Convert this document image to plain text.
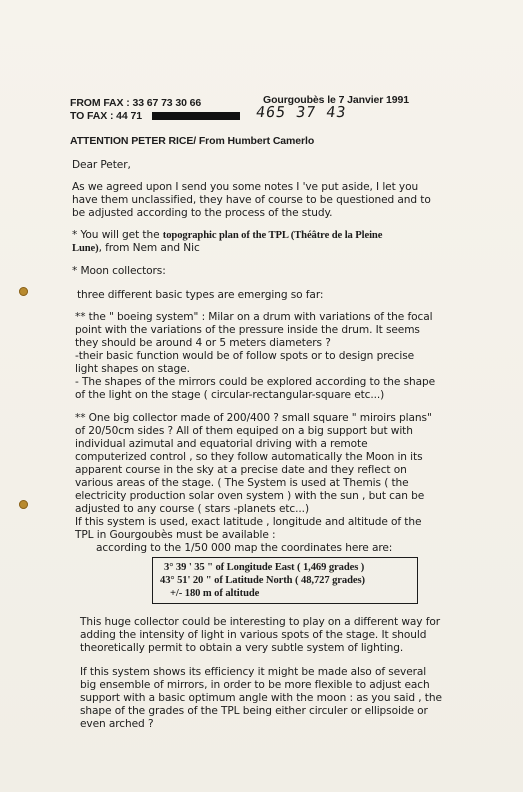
FROM FAX : 33 67 73 30 66	Gourgoubès le 7 Janvier 1991
TO FAX : 44 71	465 37 43
ATTENTION PETER RICE/ From Humbert Camerlo
Dear Peter,
As we agreed upon I send you some notes I 've put aside, I let you
have them unclassified, they have of course to be questioned and to
be adjusted according to the process of the study.
* You will get the topographic plan of the TPL (Théâtre de la Pleine
Lune), from Nem and Nic
* Moon collectors:
three different basic types are emerging so far:
** the " boeing system" : Milar on a drum with variations of the focal
point with the variations of the pressure inside the drum. It seems
they should be around 4 or 5 meters diameters ?
-their basic function would be of follow spots or to design precise
light shapes on stage.
- The shapes of the mirrors could be explored according to the shape
of the light on the stage ( circular-rectangular-square etc...)
** One big collector made of 200/400 ? small square " miroirs plans"
of 20/50cm sides ? All of them equiped on a big support but with
individual azimutal and equatorial driving with a remote
computerized control , so they follow automatically the Moon in its
apparent course in the sky at a precise date and they reflect on
various areas of the stage. ( The System is used at Themis ( the
electricity production solar oven system ) with the sun , but can be
adjusted to any course ( stars -planets etc...)
If this system is used, exact latitude , longitude and altitude of the
TPL in Gourgoubès must be available :
according to the 1/50 000 map the coordinates here are:
3° 39 ' 35 " of Longitude East ( 1,469 grades )
43° 51' 20 " of Latitude North ( 48,727 grades)
+/- 180 m of altitude
This huge collector could be interesting to play on a different way for
adding the intensity of light in various spots of the stage. It should
theoretically permit to obtain a very subtle system of lighting.
If this system shows its efficiency it might be made also of several
big ensemble of mirrors, in order to be more flexible to adjust each
support with a basic optimum angle with the moon : as you said , the
shape of the grades of the TPL being either circuler or ellipsoide or
even arched ?
